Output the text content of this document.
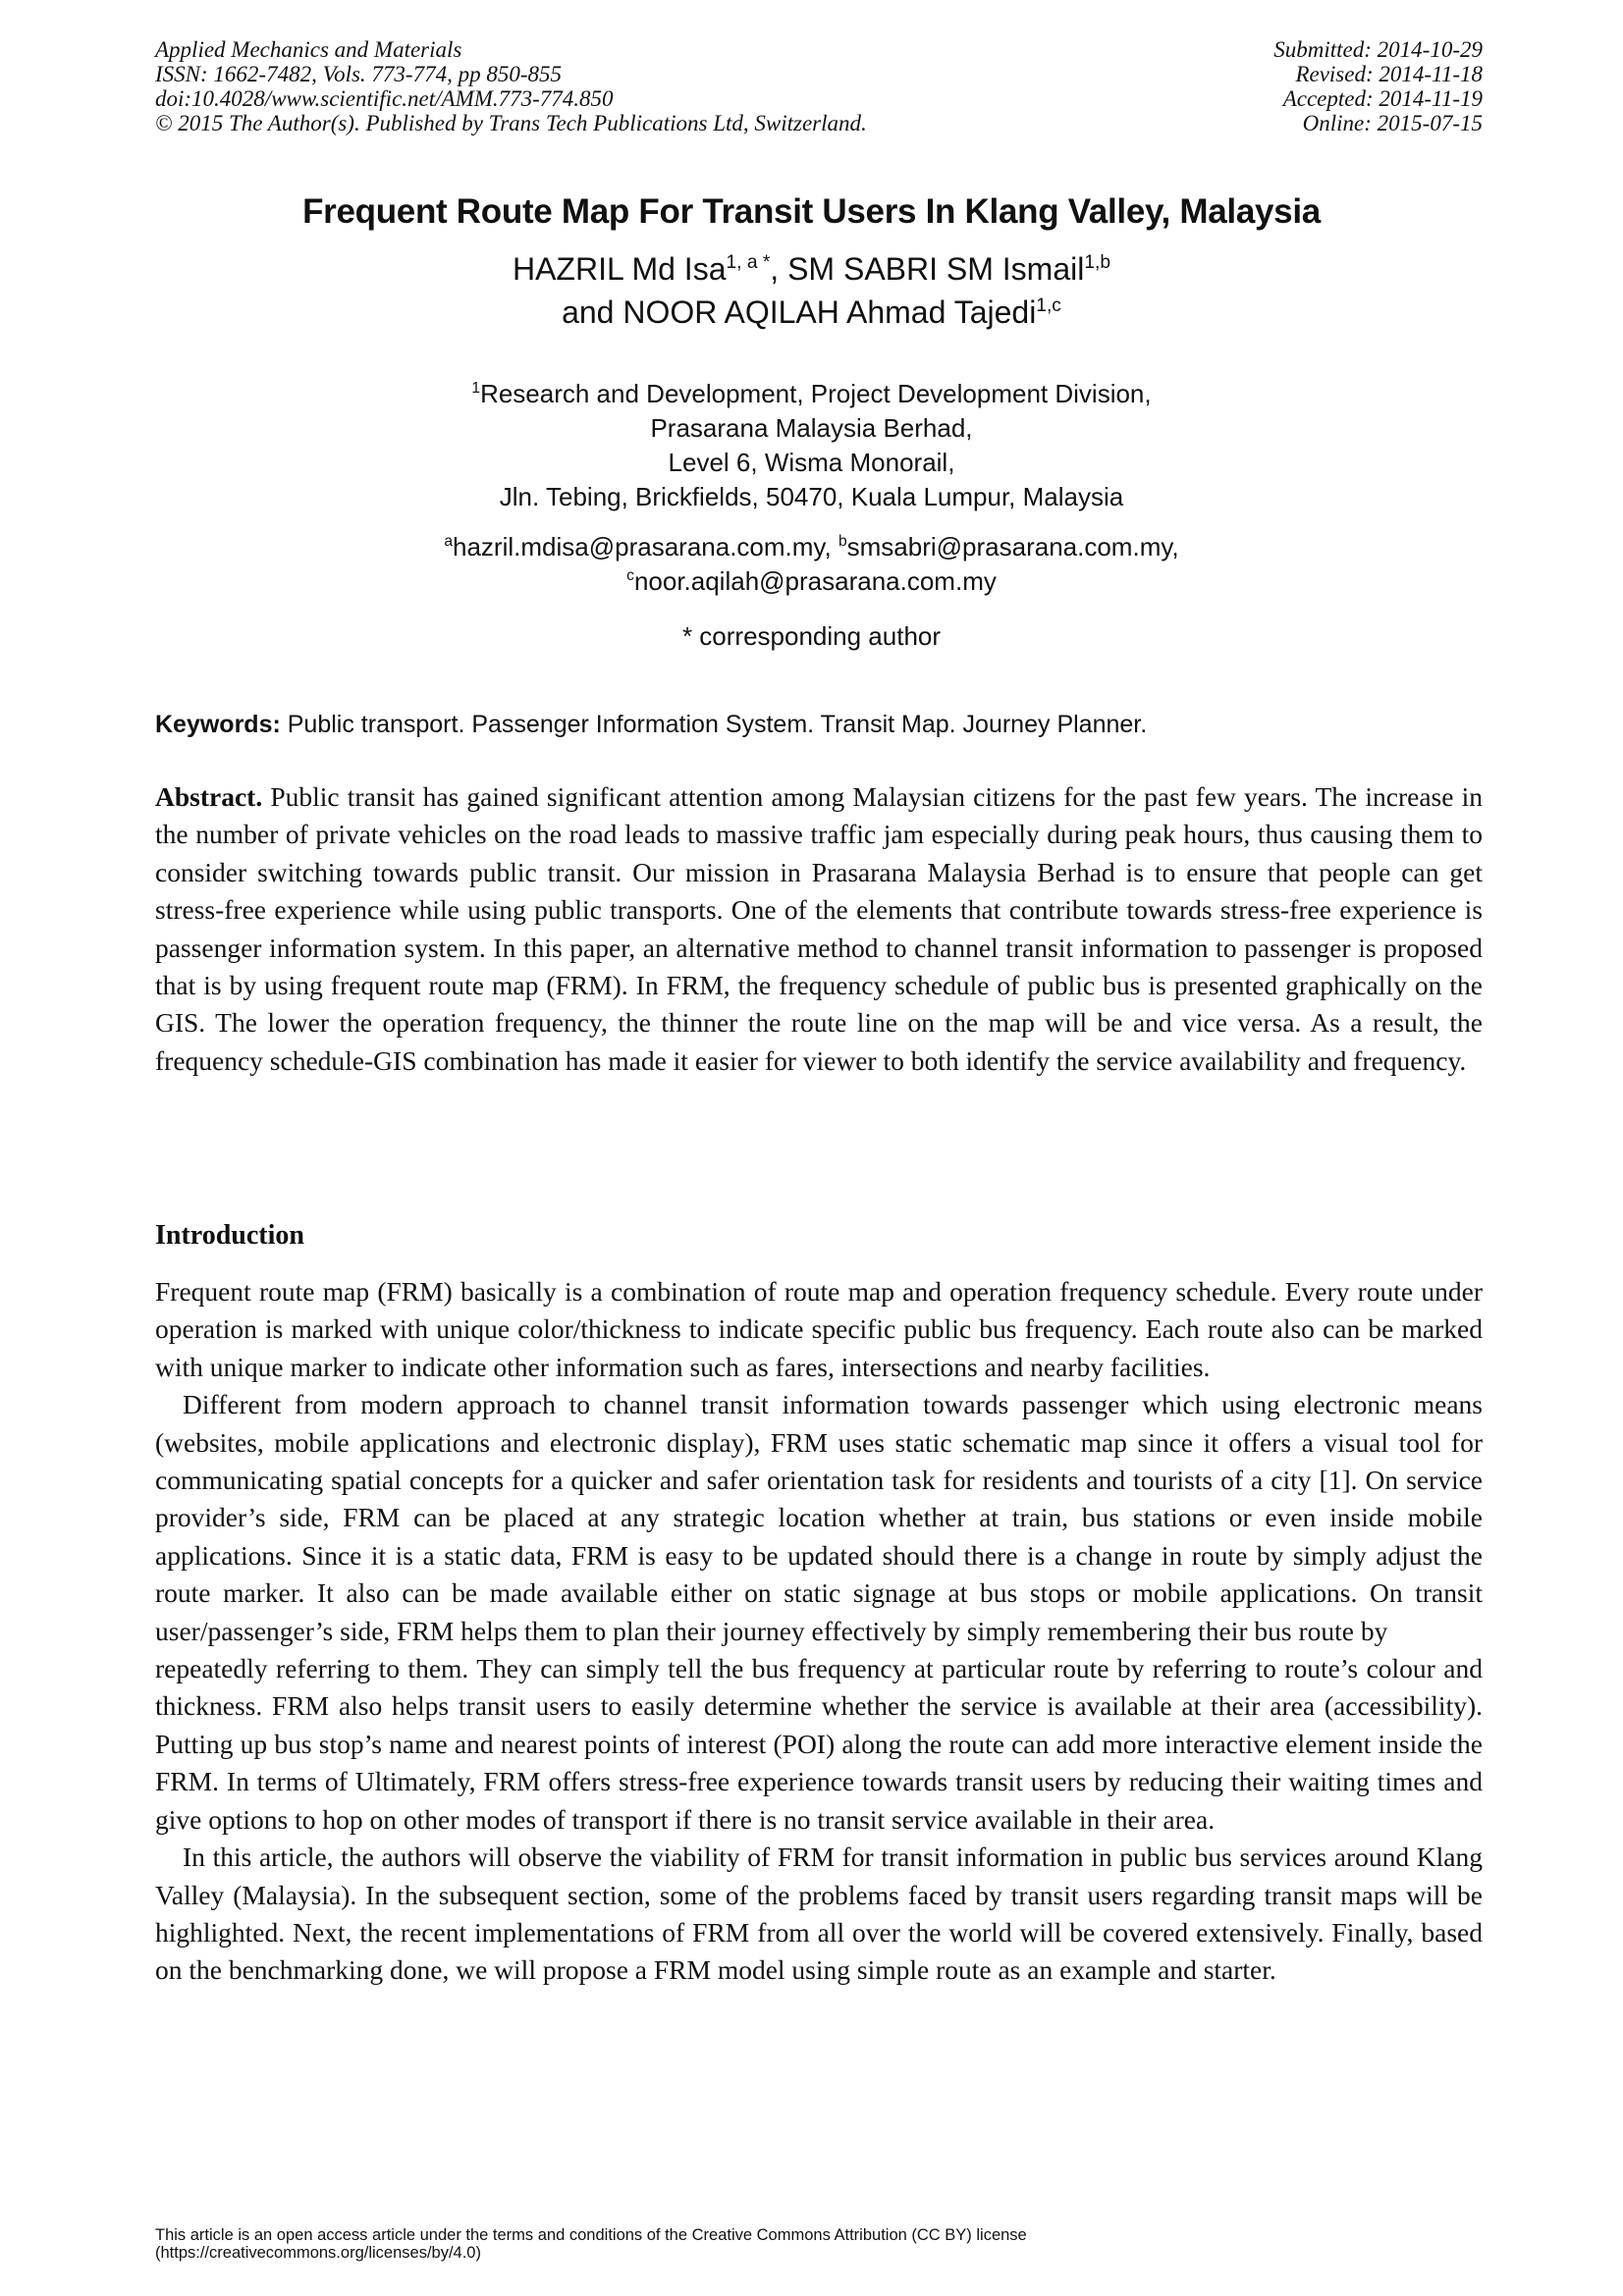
Applied Mechanics and Materials
ISSN: 1662-7482, Vols. 773-774, pp 850-855
doi:10.4028/www.scientific.net/AMM.773-774.850
© 2015 The Author(s). Published by Trans Tech Publications Ltd, Switzerland.
Submitted: 2014-10-29
Revised: 2014-11-18
Accepted: 2014-11-19
Online: 2015-07-15
Frequent Route Map For Transit Users In Klang Valley, Malaysia
HAZRIL Md Isa$^{1, a *}$, SM SABRI SM Ismail$^{1,b}$
and NOOR AQILAH Ahmad Tajedi$^{1,c}$
$^1$Research and Development, Project Development Division,
Prasarana Malaysia Berhad,
Level 6, Wisma Monorail,
Jln. Tebing, Brickfields, 50470, Kuala Lumpur, Malaysia
$^a$hazril.mdisa@prasarana.com.my, $^b$smsabri@prasarana.com.my,
$^c$noor.aqilah@prasarana.com.my
* corresponding author
Keywords: Public transport. Passenger Information System. Transit Map. Journey Planner.

Abstract. Public transit has gained significant attention among Malaysian citizens for the past few years. The increase in the number of private vehicles on the road leads to massive traffic jam especially during peak hours, thus causing them to consider switching towards public transit. Our mission in Prasarana Malaysia Berhad is to ensure that people can get stress-free experience while using public transports. One of the elements that contribute towards stress-free experience is passenger information system. In this paper, an alternative method to channel transit information to passenger is proposed that is by using frequent route map (FRM). In FRM, the frequency schedule of public bus is presented graphically on the GIS. The lower the operation frequency, the thinner the route line on the map will be and vice versa. As a result, the frequency schedule-GIS combination has made it easier for viewer to both identify the service availability and frequency.

Introduction

Frequent route map (FRM) basically is a combination of route map and operation frequency schedule. Every route under operation is marked with unique color/thickness to indicate specific public bus frequency. Each route also can be marked with unique marker to indicate other information such as fares, intersections and nearby facilities.

Different from modern approach to channel transit information towards passenger which using electronic means (websites, mobile applications and electronic display), FRM uses static schematic map since it offers a visual tool for communicating spatial concepts for a quicker and safer orientation task for residents and tourists of a city [1]. On service provider’s side, FRM can be placed at any strategic location whether at train, bus stations or even inside mobile applications. Since it is a static data, FRM is easy to be updated should there is a change in route by simply adjust the route marker. It also can be made available either on static signage at bus stops or mobile applications. On transit user/passenger’s side, FRM helps them to plan their journey effectively by simply remembering their bus route by

repeatedly referring to them. They can simply tell the bus frequency at particular route by referring to route’s colour and thickness. FRM also helps transit users to easily determine whether the service is available at their area (accessibility). Putting up bus stop’s name and nearest points of interest (POI) along the route can add more interactive element inside the FRM. In terms of Ultimately, FRM offers stress-free experience towards transit users by reducing their waiting times and give options to hop on other modes of transport if there is no transit service available in their area.

In this article, the authors will observe the viability of FRM for transit information in public bus services around Klang Valley (Malaysia). In the subsequent section, some of the problems faced by transit users regarding transit maps will be highlighted. Next, the recent implementations of FRM from all over the world will be covered extensively. Finally, based on the benchmarking done, we will propose a FRM model using simple route as an example and starter.

This article is an open access article under the terms and conditions of the Creative Commons Attribution (CC BY) license
(https://creativecommons.org/licenses/by/4.0)
